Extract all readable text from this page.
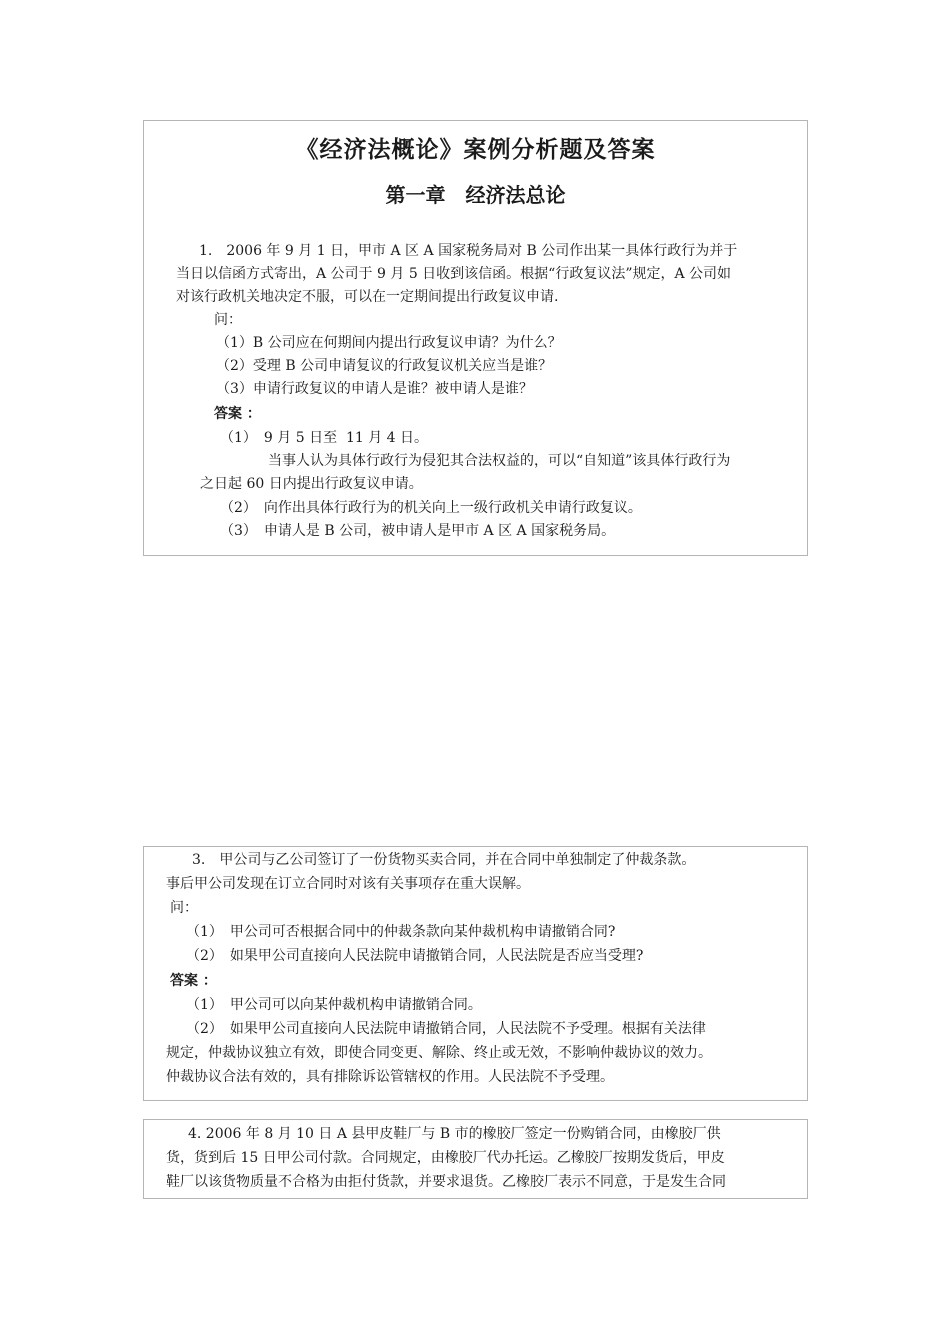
《经济法概论》案例分析题及答案
第一章　经济法总论
1.　2006 年 9 月 1 日，甲市 A 区 A 国家税务局对 B 公司作出某一具体行政行为并于
当日以信函方式寄出，A 公司于 9 月 5 日收到该信函。根据“行政复议法”规定，A 公司如
对该行政机关地决定不服，可以在一定期间提出行政复议申请.
问：
（1）B 公司应在何期间内提出行政复议申请？为什么？
（2）受理 B 公司申请复议的行政复议机关应当是谁？
（3）申请行政复议的申请人是谁？被申请人是谁？
答案 ：
（1）　9 月 5 日至  11 月 4 日。
当事人认为具体行政行为侵犯其合法权益的，可以“自知道”该具体行政行为
之日起 60 日内提出行政复议申请。
（2）　向作出具体行政行为的机关向上一级行政机关申请行政复议。
（3）　申请人是 B 公司，被申请人是甲市 A 区 A 国家税务局。
3.　甲公司与乙公司签订了一份货物买卖合同，并在合同中单独制定了仲裁条款。
事后甲公司发现在订立合同时对该有关事项存在重大误解。
问：
（1）　甲公司可否根据合同中的仲裁条款向某仲裁机构申请撤销合同?
（2）　如果甲公司直接向人民法院申请撤销合同，人民法院是否应当受理?
答案 ：
（1）　甲公司可以向某仲裁机构申请撤销合同。
（2）　如果甲公司直接向人民法院申请撤销合同，人民法院不予受理。根据有关法律
规定，仲裁协议独立有效，即使合同变更、解除、终止或无效，不影响仲裁协议的效力。
仲裁协议合法有效的，具有排除诉讼管辖权的作用。人民法院不予受理。
4. 2006 年 8 月 10 日 A 县甲皮鞋厂与 B 市的橡胶厂签定一份购销合同，由橡胶厂供
货，货到后 15 日甲公司付款。合同规定，由橡胶厂代办托运。乙橡胶厂按期发货后，甲皮
鞋厂以该货物质量不合格为由拒付货款，并要求退货。乙橡胶厂表示不同意，于是发生合同
